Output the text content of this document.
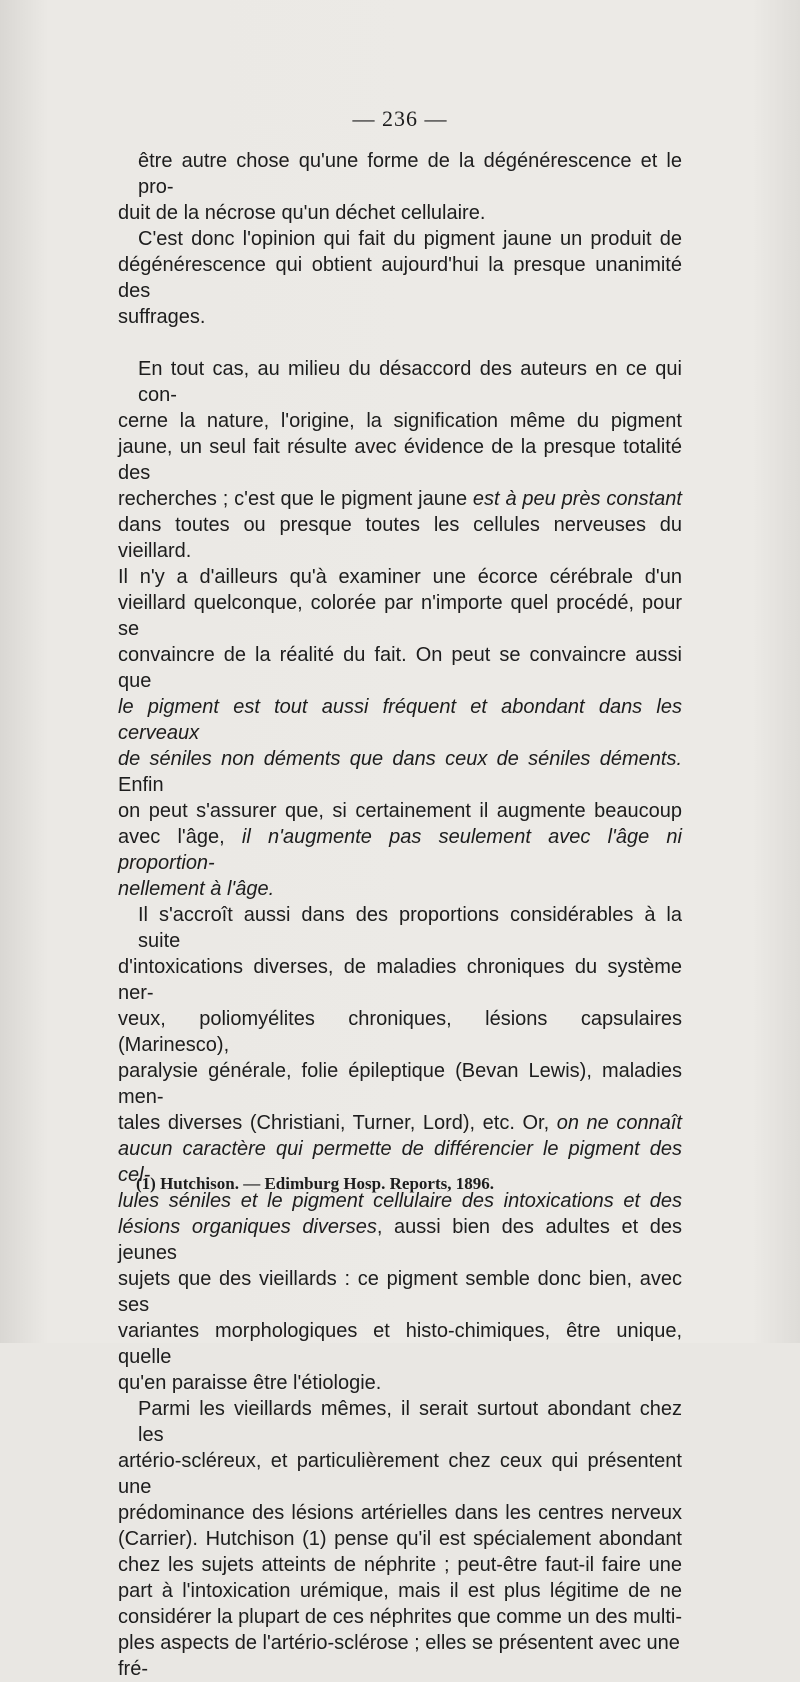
— 236 —
être autre chose qu'une forme de la dégénérescence et le pro-
duit de la nécrose qu'un déchet cellulaire.
C'est donc l'opinion qui fait du pigment jaune un produit de
dégénérescence qui obtient aujourd'hui la presque unanimité des
suffrages.
En tout cas, au milieu du désaccord des auteurs en ce qui con-
cerne la nature, l'origine, la signification même du pigment
jaune, un seul fait résulte avec évidence de la presque totalité des
recherches ; c'est que le pigment jaune est à peu près constant
dans toutes ou presque toutes les cellules nerveuses du vieillard.
Il n'y a d'ailleurs qu'à examiner une écorce cérébrale d'un
vieillard quelconque, colorée par n'importe quel procédé, pour se
convaincre de la réalité du fait. On peut se convaincre aussi que
le pigment est tout aussi fréquent et abondant dans les cerveaux
de séniles non déments que dans ceux de séniles déments. Enfin
on peut s'assurer que, si certainement il augmente beaucoup
avec l'âge, il n'augmente pas seulement avec l'âge ni proportion-
nellement à l'âge.
Il s'accroît aussi dans des proportions considérables à la suite
d'intoxications diverses, de maladies chroniques du système ner-
veux, poliomyélites chroniques, lésions capsulaires (Marinesco),
paralysie générale, folie épileptique (Bevan Lewis), maladies men-
tales diverses (Christiani, Turner, Lord), etc. Or, on ne connaît
aucun caractère qui permette de différencier le pigment des cel-
lules séniles et le pigment cellulaire des intoxications et des
lésions organiques diverses, aussi bien des adultes et des jeunes
sujets que des vieillards : ce pigment semble donc bien, avec ses
variantes morphologiques et histo-chimiques, être unique, quelle
qu'en paraisse être l'étiologie.
Parmi les vieillards mêmes, il serait surtout abondant chez les
artério-scléreux, et particulièrement chez ceux qui présentent une
prédominance des lésions artérielles dans les centres nerveux
(Carrier). Hutchison (1) pense qu'il est spécialement abondant
chez les sujets atteints de néphrite ; peut-être faut-il faire une
part à l'intoxication urémique, mais il est plus légitime de ne
considérer la plupart de ces néphrites que comme un des multi-
ples aspects de l'artério-sclérose ; elles se présentent avec une fré-
(1) Hutchison. — Edimburg Hosp. Reports, 1896.
